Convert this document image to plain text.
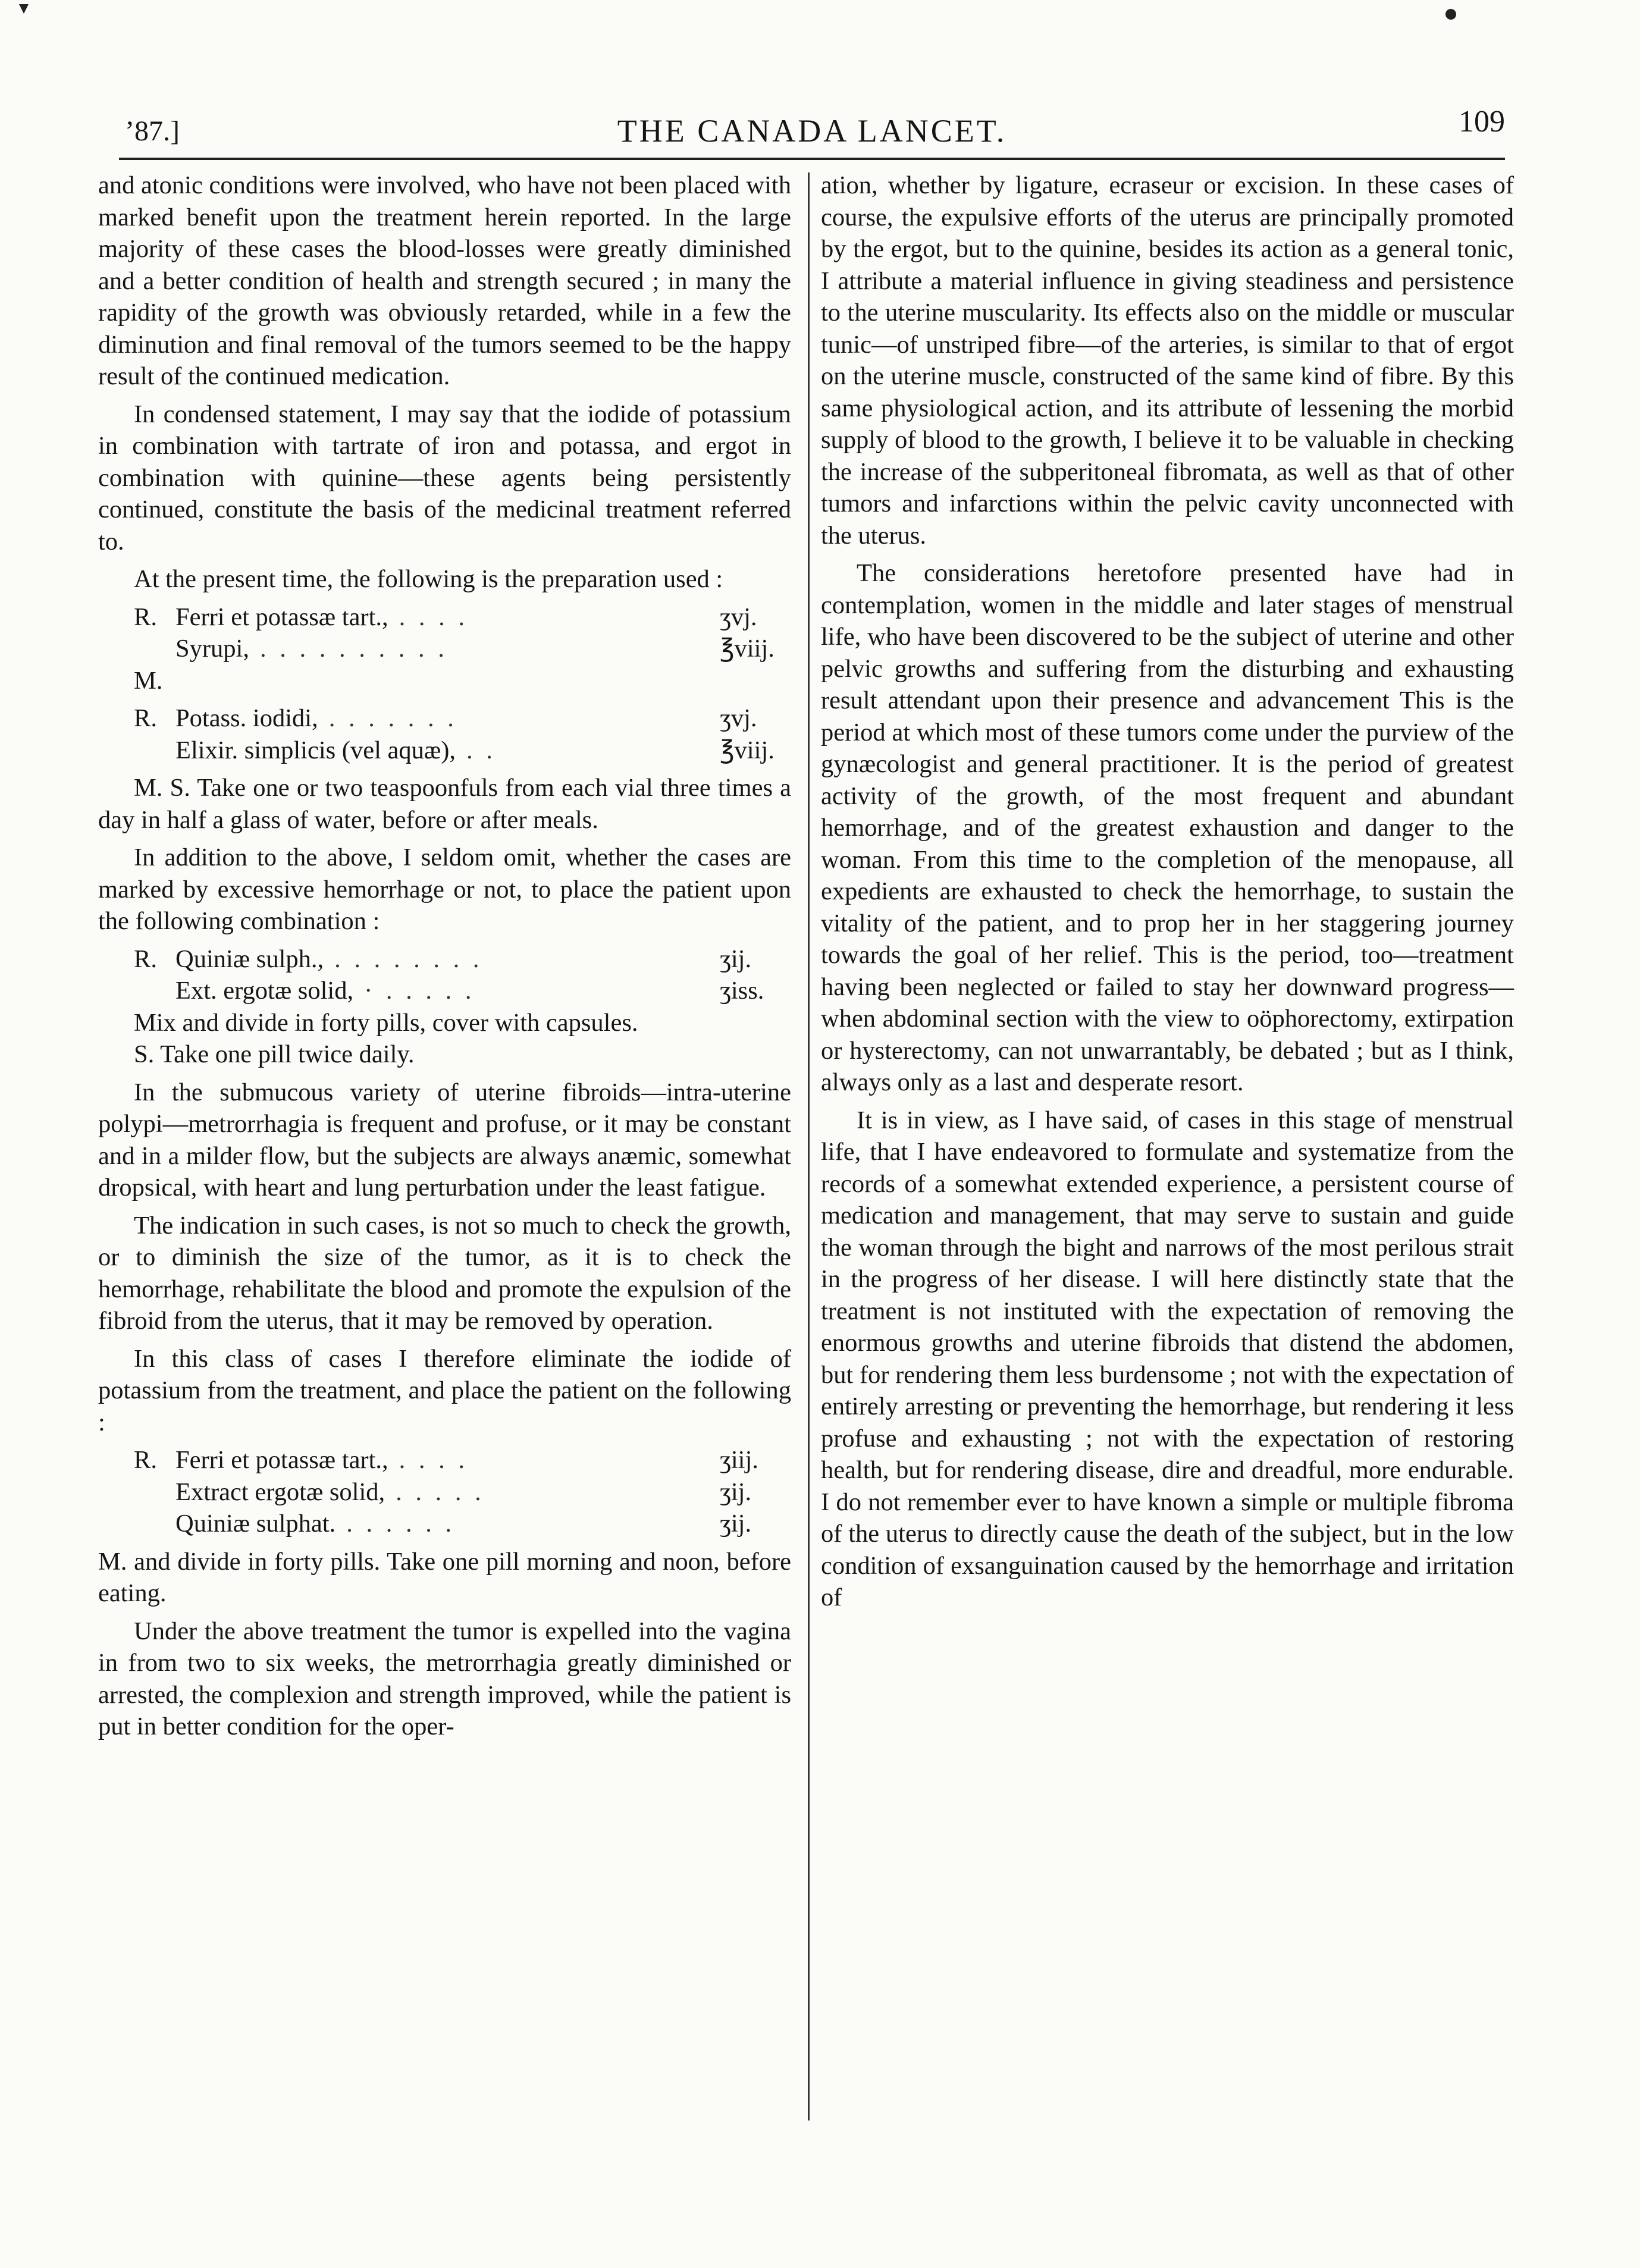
’87.]	THE CANADA LANCET.	109

and atonic conditions were involved, who have not been placed with marked benefit upon the treatment herein reported. In the large majority of these cases the blood-losses were greatly diminished and a better condition of health and strength secured ; in many the rapidity of the growth was obviously retarded, while in a few the diminution and final removal of the tumors seemed to be the happy result of the continued medication.

In condensed statement, I may say that the iodide of potassium in combination with tartrate of iron and potassa, and ergot in combination with quinine—these agents being persistently continued, constitute the basis of the medicinal treatment referred to.

At the present time, the following is the preparation used :

R. Ferri et potassæ tart., . . . .	ʒvj.
Syrupi, . . . . . . . . . .	℥viij.
M.
R. Potass. iodidi, . . . . . . .	ʒvj.
Elixir. simplicis (vel aquæ), . .	℥viij.

M. S. Take one or two teaspoonfuls from each vial three times a day in half a glass of water, before or after meals.

In addition to the above, I seldom omit, whether the cases are marked by excessive hemorrhage or not, to place the patient upon the following combination :

R. Quiniæ sulph., . . . . . . . .	ʒij.
Ext. ergotæ solid, · . . . . .	ʒiss.
Mix and divide in forty pills, cover with capsules.
S. Take one pill twice daily.

In the submucous variety of uterine fibroids—intra-uterine polypi—metrorrhagia is frequent and profuse, or it may be constant and in a milder flow, but the subjects are always anæmic, somewhat dropsical, with heart and lung perturbation under the least fatigue.

The indication in such cases, is not so much to check the growth, or to diminish the size of the tumor, as it is to check the hemorrhage, rehabilitate the blood and promote the expulsion of the fibroid from the uterus, that it may be removed by operation.

In this class of cases I therefore eliminate the iodide of potassium from the treatment, and place the patient on the following :

R. Ferri et potassæ tart., . . . .	ʒiij.
Extract ergotæ solid, . . . . .	ʒij.
Quiniæ sulphat. . . . . . .	ʒij.

M. and divide in forty pills. Take one pill morning and noon, before eating.

Under the above treatment the tumor is expelled into the vagina in from two to six weeks, the metrorrhagia greatly diminished or arrested, the complexion and strength improved, while the patient is put in better condition for the oper-

ation, whether by ligature, ecraseur or excision. In these cases of course, the expulsive efforts of the uterus are principally promoted by the ergot, but to the quinine, besides its action as a general tonic, I attribute a material influence in giving steadiness and persistence to the uterine muscularity. Its effects also on the middle or muscular tunic—of unstriped fibre—of the arteries, is similar to that of ergot on the uterine muscle, constructed of the same kind of fibre. By this same physiological action, and its attribute of lessening the morbid supply of blood to the growth, I believe it to be valuable in checking the increase of the subperitoneal fibromata, as well as that of other tumors and infarctions within the pelvic cavity unconnected with the uterus.

The considerations heretofore presented have had in contemplation, women in the middle and later stages of menstrual life, who have been discovered to be the subject of uterine and other pelvic growths and suffering from the disturbing and exhausting result attendant upon their presence and advancement This is the period at which most of these tumors come under the purview of the gynæcologist and general practitioner. It is the period of greatest activity of the growth, of the most frequent and abundant hemorrhage, and of the greatest exhaustion and danger to the woman. From this time to the completion of the menopause, all expedients are exhausted to check the hemorrhage, to sustain the vitality of the patient, and to prop her in her staggering journey towards the goal of her relief. This is the period, too—treatment having been neglected or failed to stay her downward progress—when abdominal section with the view to oöphorectomy, extirpation or hysterectomy, can not unwarrantably, be debated ; but as I think, always only as a last and desperate resort.

It is in view, as I have said, of cases in this stage of menstrual life, that I have endeavored to formulate and systematize from the records of a somewhat extended experience, a persistent course of medication and management, that may serve to sustain and guide the woman through the bight and narrows of the most perilous strait in the progress of her disease. I will here distinctly state that the treatment is not instituted with the expectation of removing the enormous growths and uterine fibroids that distend the abdomen, but for rendering them less burdensome ; not with the expectation of entirely arresting or preventing the hemorrhage, but rendering it less profuse and exhausting ; not with the expectation of restoring health, but for rendering disease, dire and dreadful, more endurable. I do not remember ever to have known a simple or multiple fibroma of the uterus to directly cause the death of the subject, but in the low condition of exsanguination caused by the hemorrhage and irritation of
